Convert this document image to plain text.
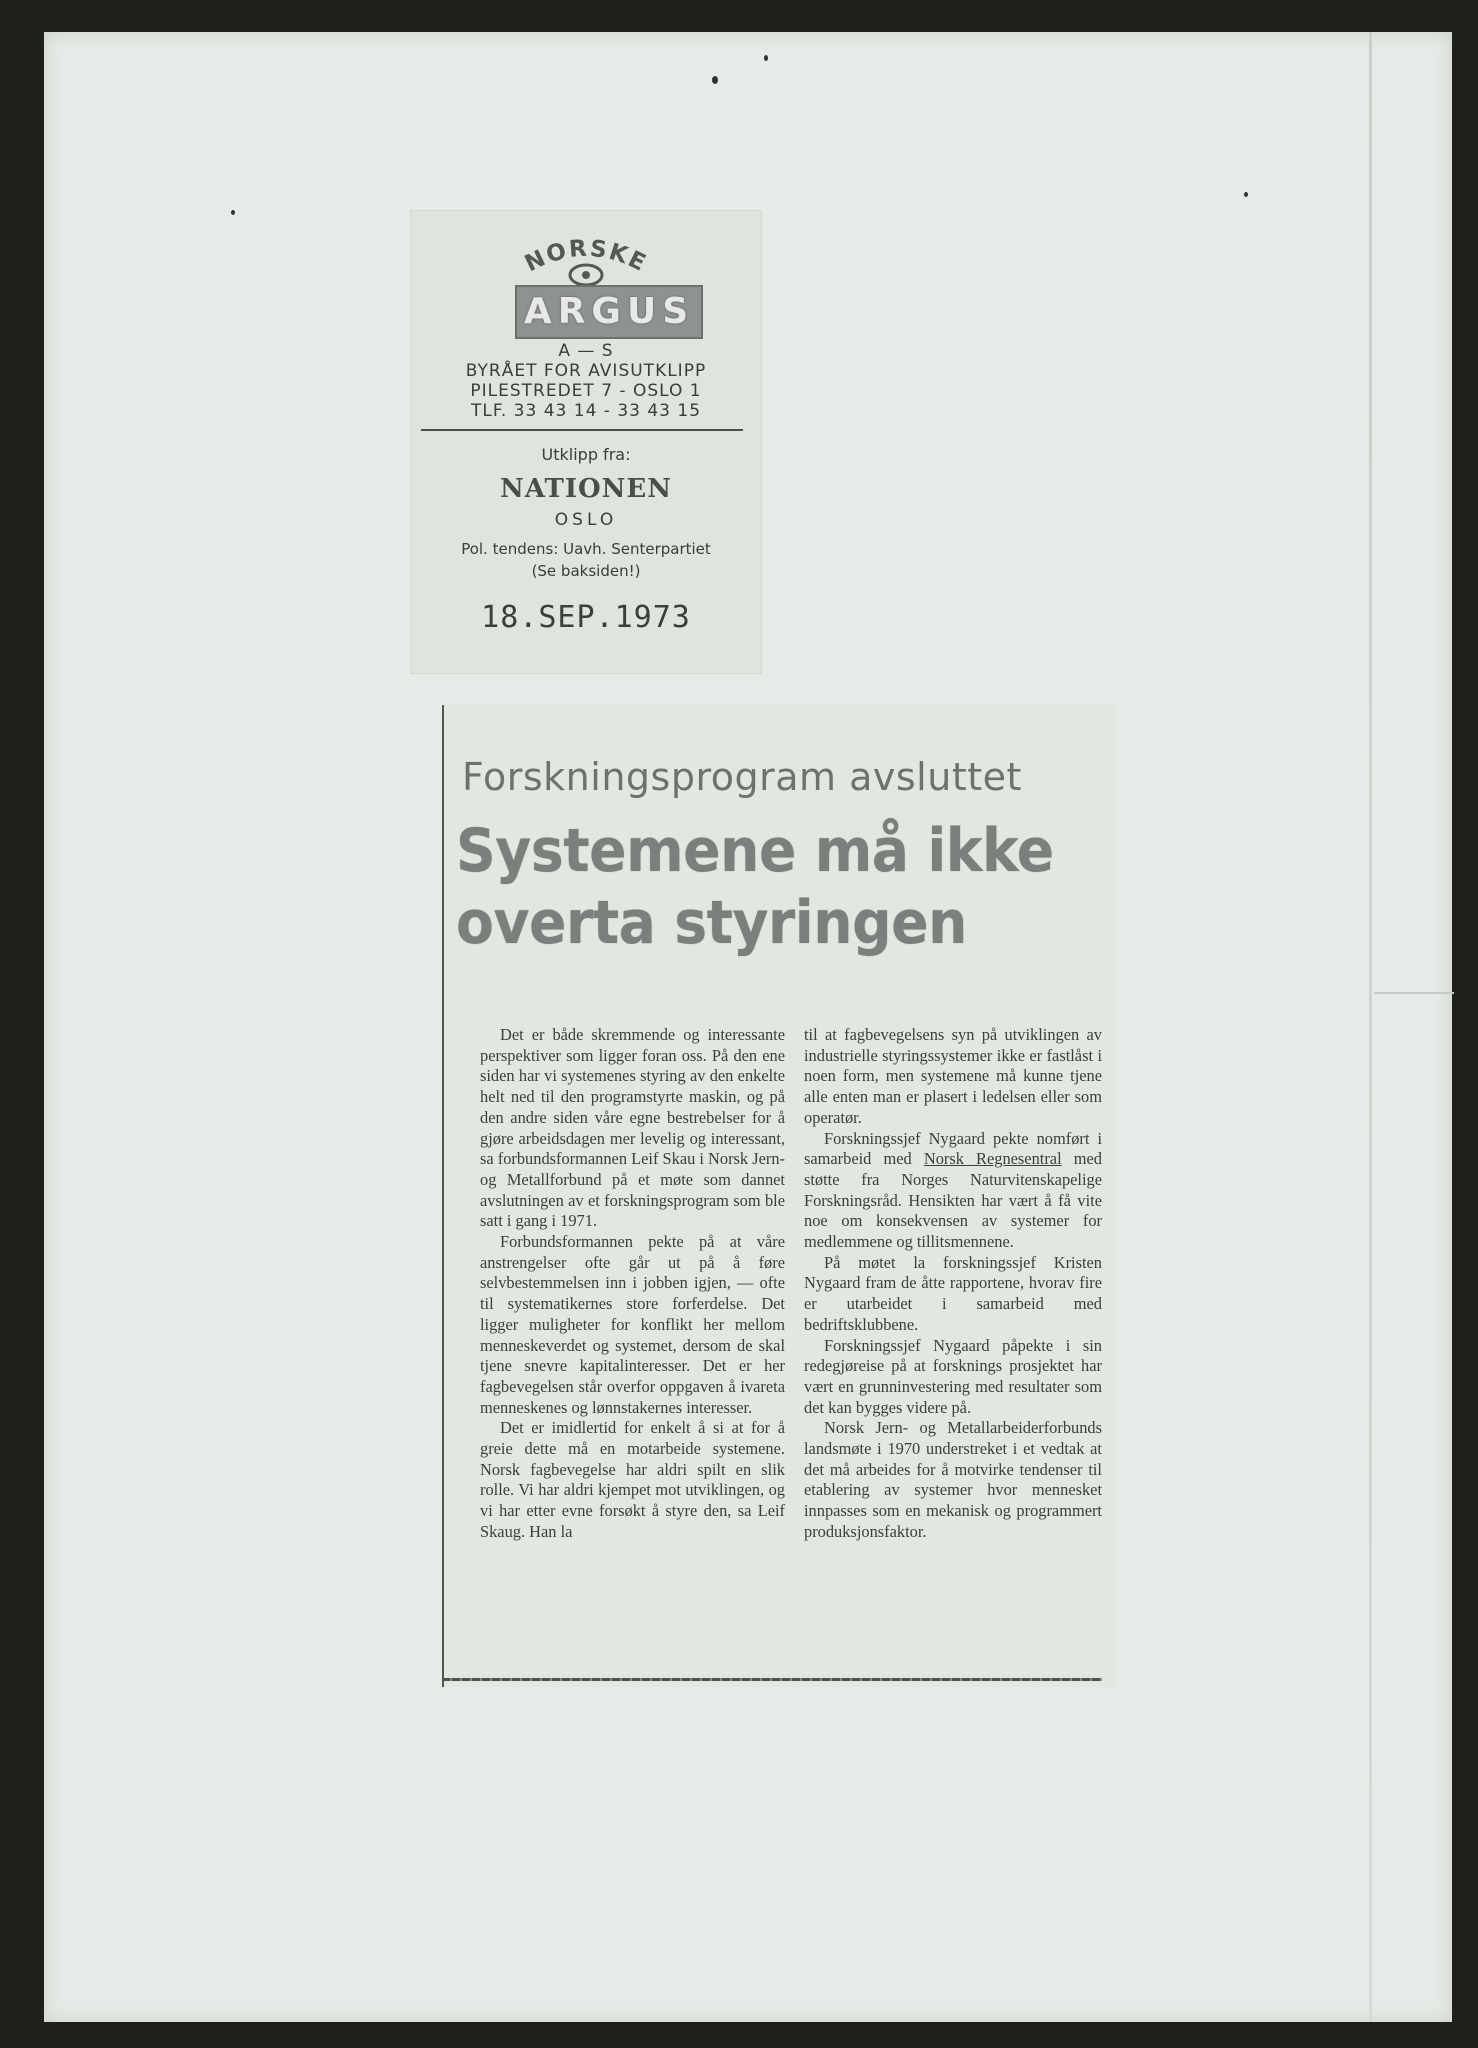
NORSKE
ARGUS
A — S
BYRÅET FOR AVISUTKLIPP
PILESTREDET 7 - OSLO 1
TLF. 33 43 14 - 33 43 15
Utklipp fra:
NATIONEN
OSLO
Pol. tendens: Uavh. Senterpartiet
(Se baksiden!)
18.SEP.1973
Forskningsprogram avsluttet
Systemene må ikke
overta styringen

Det er både skremmende og interessante perspektiver som ligger foran oss. På den ene siden har vi systemenes styring av den enkelte helt ned til den programstyrte maskin, og på den andre siden våre egne bestrebelser for å gjøre arbeidsdagen mer levelig og interessant, sa forbundsformannen Leif Skau i Norsk Jern- og Metallforbund på et møte som dannet avslutningen av et forskningsprogram som ble satt i gang i 1971.

Forbundsformannen pekte på at våre anstrengelser ofte går ut på å føre selvbestemmelsen inn i jobben igjen, — ofte til systematikernes store forferdelse. Det ligger muligheter for konflikt her mellom menneskeverdet og systemet, dersom de skal tjene snevre kapitalinteresser. Det er her fagbevegelsen står overfor oppgaven å ivareta menneskenes og lønnstakernes interesser.

Det er imidlertid for enkelt å si at for å greie dette må en motarbeide systemene. Norsk fagbevegelse har aldri spilt en slik rolle. Vi har aldri kjempet mot utviklingen, og vi har etter evne forsøkt å styre den, sa Leif Skaug. Han la

til at fagbevegelsens syn på utviklingen av industrielle styringssystemer ikke er fastlåst i noen form, men systemene må kunne tjene alle enten man er plasert i ledelsen eller som operatør.

Forskningssjef Nygaard pekte nomført i samarbeid med Norsk Regnesentral med støtte fra Norges Naturvitenskapelige Forskningsråd. Hensikten har vært å få vite noe om konsekvensen av systemer for medlemmene og tillitsmennene.

På møtet la forskningssjef Kristen Nygaard fram de åtte rapportene, hvorav fire er utarbeidet i samarbeid med bedriftsklubbene.

Forskningssjef Nygaard påpekte i sin redegjøreise på at forsknings prosjektet har vært en grunninvestering med resultater som det kan bygges videre på.

Norsk Jern- og Metallarbeiderforbunds landsmøte i 1970 understreket i et vedtak at det må arbeides for å motvirke tendenser til etablering av systemer hvor mennesket innpasses som en mekanisk og programmert produksjonsfaktor.
